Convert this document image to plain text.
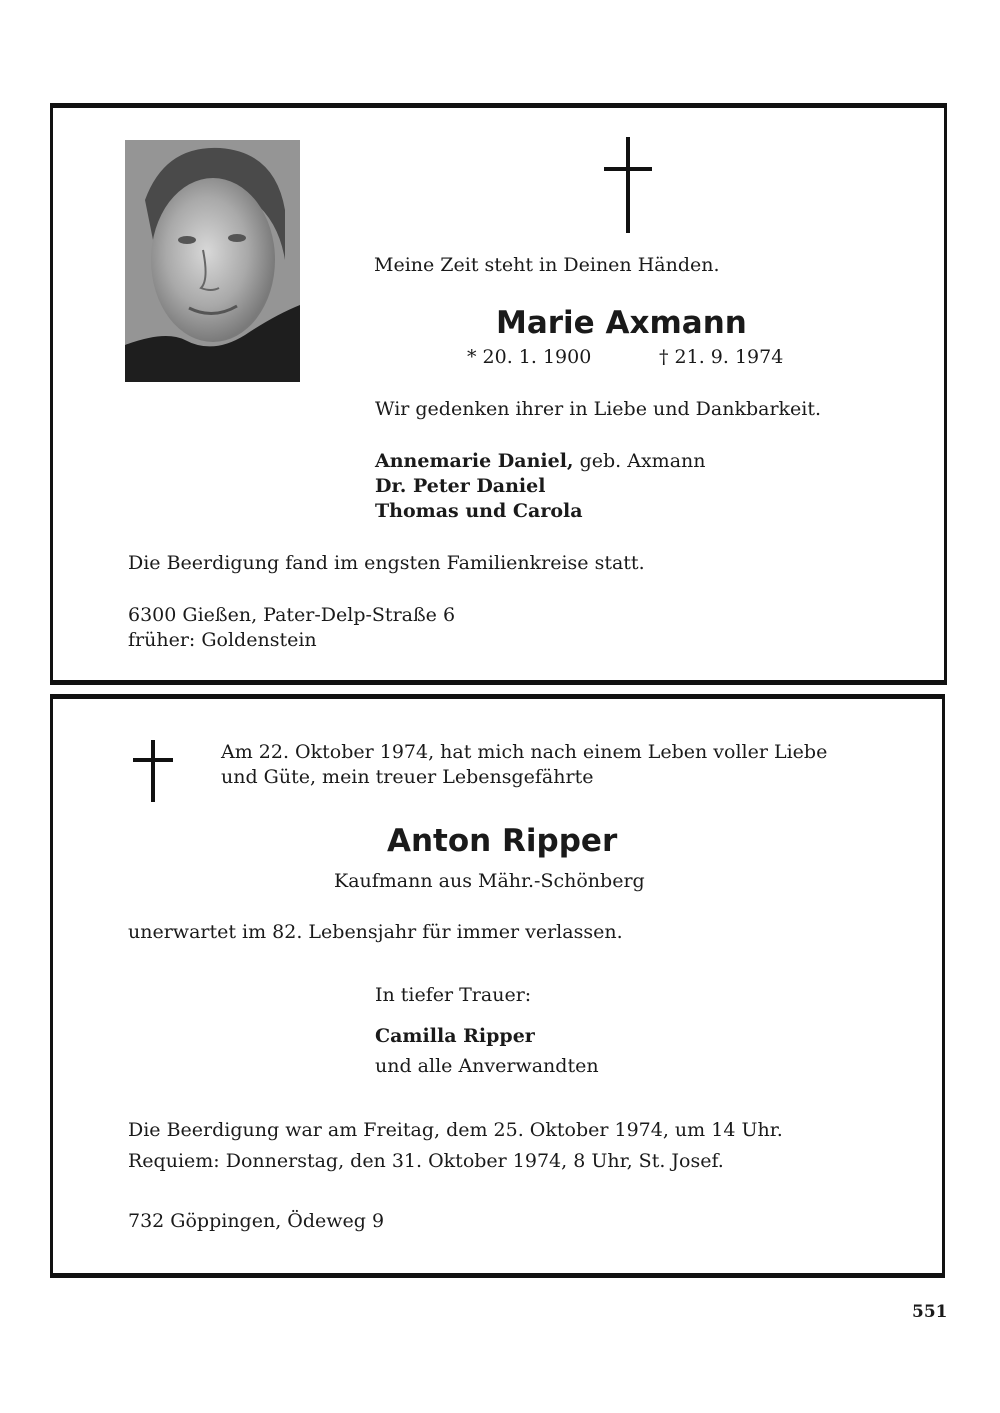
Meine Zeit steht in Deinen Händen.
Marie Axmann
* 20. 1. 1900	† 21. 9. 1974
Wir gedenken ihrer in Liebe und Dankbarkeit.
Annemarie Daniel, geb. Axmann
Dr. Peter Daniel
Thomas und Carola
Die Beerdigung fand im engsten Familienkreise statt.
6300 Gießen, Pater-Delp-Straße 6
früher: Goldenstein
Am 22. Oktober 1974, hat mich nach einem Leben voller Liebe
und Güte, mein treuer Lebensgefährte
Anton Ripper
Kaufmann aus Mähr.-Schönberg
unerwartet im 82. Lebensjahr für immer verlassen.
In tiefer Trauer:
Camilla Ripper
und alle Anverwandten
Die Beerdigung war am Freitag, dem 25. Oktober 1974, um 14 Uhr.
Requiem: Donnerstag, den 31. Oktober 1974, 8 Uhr, St. Josef.
732 Göppingen, Ödeweg 9
551
